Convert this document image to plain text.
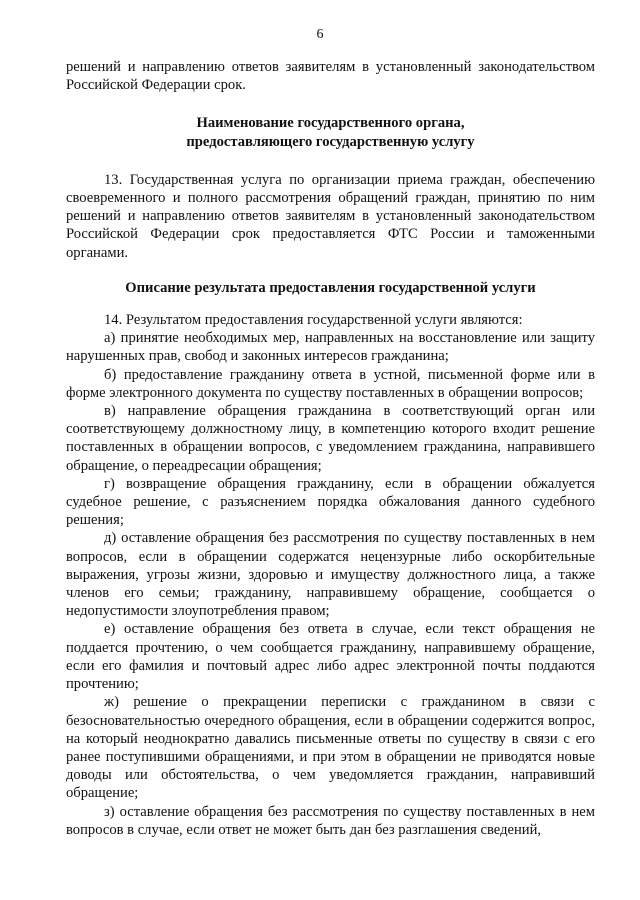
6

решений и направлению ответов заявителям в установленный законодательством Российской Федерации срок.

Наименование государственного органа,
предоставляющего государственную услугу

13. Государственная услуга по организации приема граждан, обеспечению своевременного и полного рассмотрения обращений граждан, принятию по ним решений и направлению ответов заявителям в установленный законодательством Российской Федерации срок предоставляется ФТС России и таможенными органами.

Описание результата предоставления государственной услуги

14. Результатом предоставления государственной услуги являются:

а) принятие необходимых мер, направленных на восстановление или защиту нарушенных прав, свобод и законных интересов гражданина;

б) предоставление гражданину ответа в устной, письменной форме или в форме электронного документа по существу поставленных в обращении вопросов;

в) направление обращения гражданина в соответствующий орган или соответствующему должностному лицу, в компетенцию которого входит решение поставленных в обращении вопросов, с уведомлением гражданина, направившего обращение, о переадресации обращения;

г) возвращение обращения гражданину, если в обращении обжалуется судебное решение, с разъяснением порядка обжалования данного судебного решения;

д) оставление обращения без рассмотрения по существу поставленных в нем вопросов, если в обращении содержатся нецензурные либо оскорбительные выражения, угрозы жизни, здоровью и имуществу должностного лица, а также членов его семьи; гражданину, направившему обращение, сообщается о недопустимости злоупотребления правом;

е) оставление обращения без ответа в случае, если текст обращения не поддается прочтению, о чем сообщается гражданину, направившему обращение, если его фамилия и почтовый адрес либо адрес электронной почты поддаются прочтению;

ж) решение о прекращении переписки с гражданином в связи с безосновательностью очередного обращения, если в обращении содержится вопрос, на который неоднократно давались письменные ответы по существу в связи с его ранее поступившими обращениями, и при этом в обращении не приводятся новые доводы или обстоятельства, о чем уведомляется гражданин, направивший обращение;

з) оставление обращения без рассмотрения по существу поставленных в нем вопросов в случае, если ответ не может быть дан без разглашения сведений,
